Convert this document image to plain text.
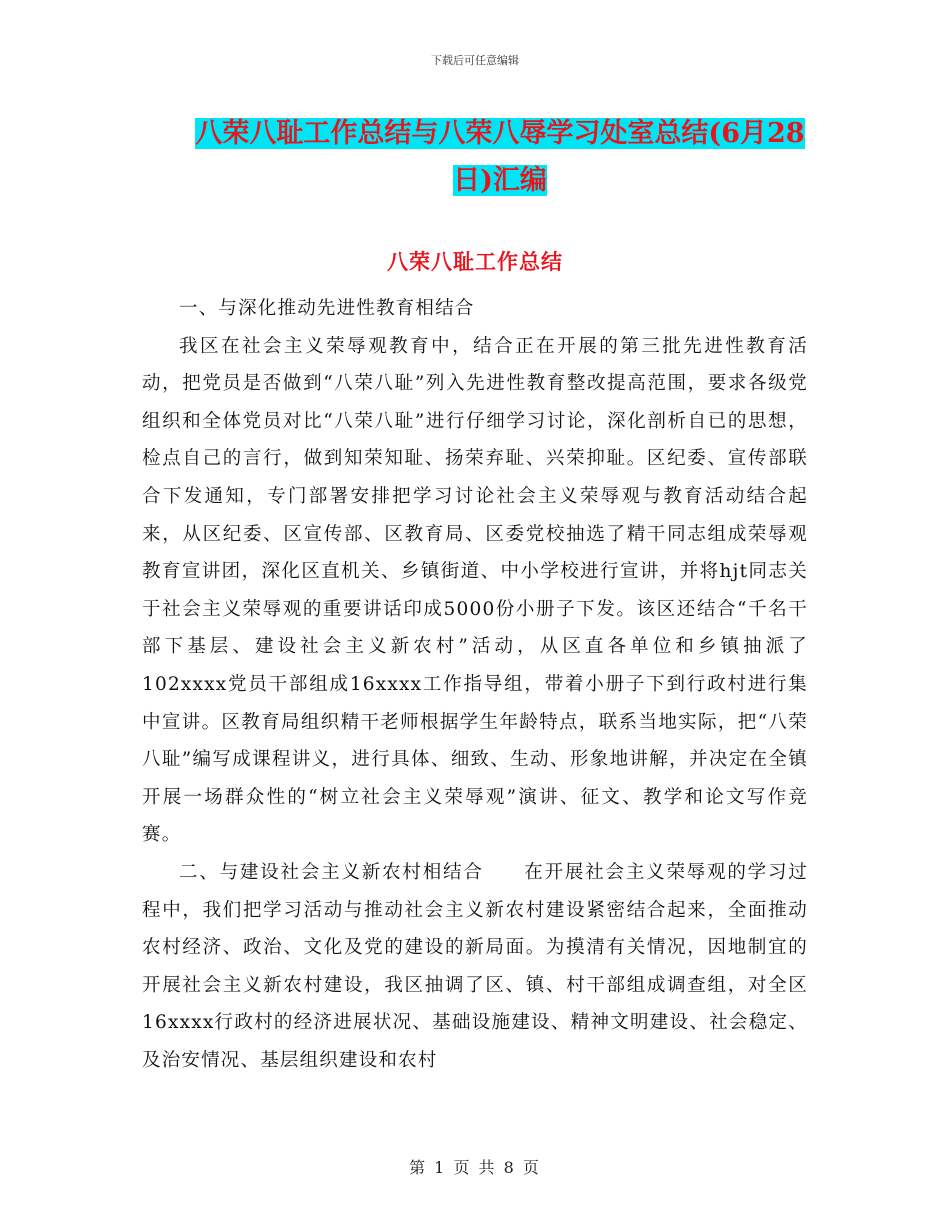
下载后可任意编辑
八荣八耻工作总结与八荣八辱学习处室总结(6月28
日)汇编
八荣八耻工作总结

一、与深化推动先进性教育相结合

我区在社会主义荣辱观教育中，结合正在开展的第三批先进性教育活动，把党员是否做到“八荣八耻”列入先进性教育整改提高范围，要求各级党组织和全体党员对比“八荣八耻”进行仔细学习讨论，深化剖析自已的思想，检点自己的言行，做到知荣知耻、扬荣弃耻、兴荣抑耻。区纪委、宣传部联合下发通知，专门部署安排把学习讨论社会主义荣辱观与教育活动结合起来，从区纪委、区宣传部、区教育局、区委党校抽选了精干同志组成荣辱观教育宣讲团，深化区直机关、乡镇街道、中小学校进行宣讲，并将hjt同志关于社会主义荣辱观的重要讲话印成5000份小册子下发。该区还结合“千名干部下基层、建设社会主义新农村”活动，从区直各单位和乡镇抽派了102xxxx党员干部组成16xxxx工作指导组，带着小册子下到行政村进行集中宣讲。区教育局组织精干老师根据学生年龄特点，联系当地实际，把“八荣八耻”编写成课程讲义，进行具体、细致、生动、形象地讲解，并决定在全镇开展一场群众性的“树立社会主义荣辱观”演讲、征文、教学和论文写作竞赛。

二、与建设社会主义新农村相结合　　在开展社会主义荣辱观的学习过程中，我们把学习活动与推动社会主义新农村建设紧密结合起来，全面推动农村经济、政治、文化及党的建设的新局面。为摸清有关情况，因地制宜的开展社会主义新农村建设，我区抽调了区、镇、村干部组成调查组，对全区16xxxx行政村的经济进展状况、基础设施建设、精神文明建设、社会稳定、及治安情况、基层组织建设和农村

第 1 页 共 8 页
